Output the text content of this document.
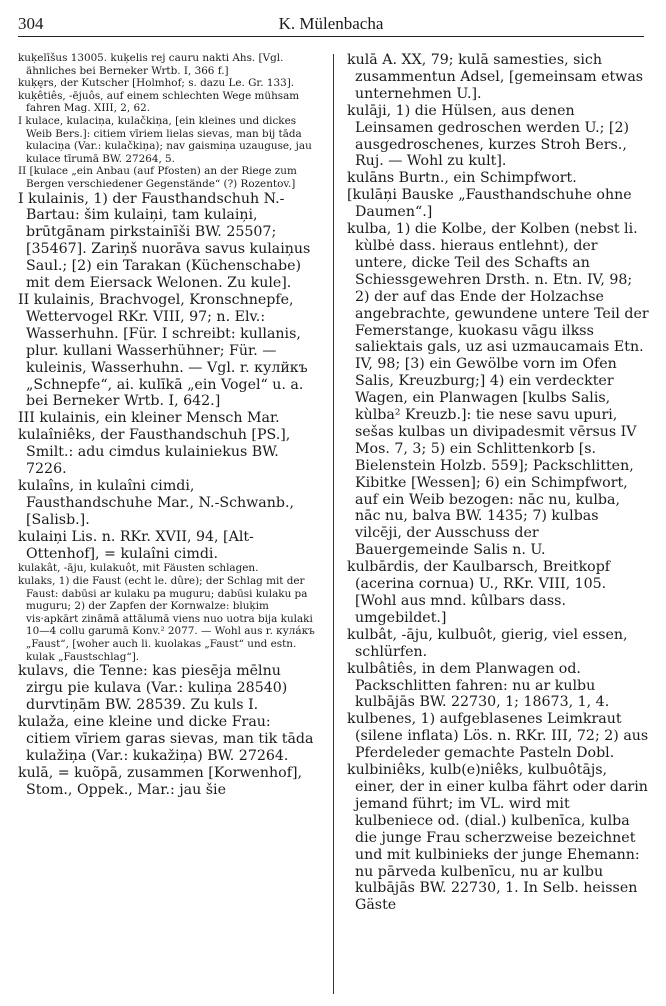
304	K. Mülenbacha

kuķelīšus 13005. kuķelis rej cauru nakti Ahs. [Vgl. ähnliches bei Berneker Wrtb. I, 366 f.]

kuķęrs, der Kutscher [Holmhof; s. dazu Le. Gr. 133].

kuķêtiês, -ējuôs, auf einem schlechten Wege mühsam fahren Mag. XIII, 2, 62.

I kulace, kulaciņa, kulačkiņa, [ein kleines und dickes Weib Bers.]: citiem vīriem lielas sievas, man bij tāda kulaciņa (Var.: kulačkiņa); nav gaismiņa uzauguse, jau kulace tīrumā BW. 27264, 5.

II [kulace „ein Anbau (auf Pfosten) an der Riege zum Bergen verschiedener Gegenstände“ (?) Rozentov.]

I kulainis, 1) der Fausthandschuh N.-Bartau: šim kulaiņi, tam kulaiņi, brūtgānam pirkstainīši BW. 25507; [35467]. Zariņš nuorāva savus kulaiņus Saul.; [2) ein Tarakan (Küchenschabe) mit dem Eiersack Welonen. Zu kule].

II kulainis, Brachvogel, Kronschnepfe, Wettervogel RKr. VIII, 97; n. Elv.: Wasserhuhn. [Für. I schreibt: kullanis, plur. kullani Wasserhühner; Für. — kuleinis, Wasserhuhn. — Vgl. r. кулйкъ „Schnepfe“, ai. kulīkā „ein Vogel“ u. a. bei Berneker Wrtb. I, 642.]

III kulainis, ein kleiner Mensch Mar.

kulaîniêks, der Fausthandschuh [PS.], Smilt.: adu cimdus kulainiekus BW. 7226.

kulaîns, in kulaîni cimdi, Fausthandschuhe Mar., N.-Schwanb., [Salisb.].

kulaiņi Lis. n. RKr. XVII, 94, [Alt-Ottenhof], = kulaîni cimdi.

kulakât, -āju, kulakuôt, mit Fäusten schlagen.

kulaks, 1) die Faust (echt le. dûre); der Schlag mit der Faust: dabūsi ar kulaku pa muguru; dabūsi kulaku pa muguru; 2) der Zapfen der Kornwalze: bluķim vis·apkārt zināmā attālumā viens nuo uotra bija kulaki 10—4 collu garumā Konv.² 2077. — Wohl aus r. кулáкъ „Faust“, [woher auch li. kuolakas „Faust“ und estn. kulak „Faustschlag“].

kulavs, die Tenne: kas piesēja mēlnu zirgu pie kulava (Var.: kuliņa 28540) durvtiņām BW. 28539. Zu kuls I.

kulaža, eine kleine und dicke Frau: citiem vīriem garas sievas, man tik tāda kulažiņa (Var.: kukažiņa) BW. 27264.

kulā, = kuõpā, zusammen [Korwenhof], Stom., Oppek., Mar.: jau šie

kulā A. XX, 79; kulā samesties, sich zusammentun Adsel, [gemeinsam etwas unternehmen U.].

kulāji, 1) die Hülsen, aus denen Leinsamen gedroschen werden U.; [2) ausgedroschenes, kurzes Stroh Bers., Ruj. — Wohl zu kult].

kulāns Burtn., ein Schimpfwort.

[kulāņi Bauske „Fausthandschuhe ohne Daumen“.]

kulba, 1) die Kolbe, der Kolben (nebst li. kùlbė dass. hieraus entlehnt), der untere, dicke Teil des Schafts an Schiessgewehren Drsth. n. Etn. IV, 98; 2) der auf das Ende der Holzachse angebrachte, gewundene untere Teil der Femerstange, kuokasu vāgu ilkss saliektais gals, uz asi uzmaucamais Etn. IV, 98; [3) ein Gewölbe vorn im Ofen Salis, Kreuzburg;] 4) ein verdeckter Wagen, ein Planwagen [kulbs Salis, kùlba² Kreuzb.]: tie nese savu upuri, sešas kulbas un divipadesmit vērsus IV Mos. 7, 3; 5) ein Schlittenkorb [s. Bielenstein Holzb. 559]; Packschlitten, Kibitke [Wessen]; 6) ein Schimpfwort, auf ein Weib bezogen: nāc nu, kulba, nāc nu, balva BW. 1435; 7) kulbas vilcēji, der Ausschuss der Bauergemeinde Salis n. U.

kulbārdis, der Kaulbarsch, Breitkopf (acerina cornua) U., RKr. VIII, 105. [Wohl aus mnd. kûlbars dass. umgebildet.]

kulbât, -āju, kulbuôt, gierig, viel essen, schlürfen.

kulbâtiês, in dem Planwagen od. Packschlitten fahren: nu ar kulbu kulbājās BW. 22730, 1; 18673, 1, 4.

kulbenes, 1) aufgeblasenes Leimkraut (silene inflata) Lös. n. RKr. III, 72; 2) aus Pferdeleder gemachte Pasteln Dobl.

kulbiniêks, kulb(e)niêks, kulbuôtājs, einer, der in einer kulba fährt oder darin jemand führt; im VL. wird mit kulbeniece od. (dial.) kulbenīca, kulba die junge Frau scherzweise bezeichnet und mit kulbinieks der junge Ehemann: nu pārveda kulbenīcu, nu ar kulbu kulbājās BW. 22730, 1. In Selb. heissen Gäste
